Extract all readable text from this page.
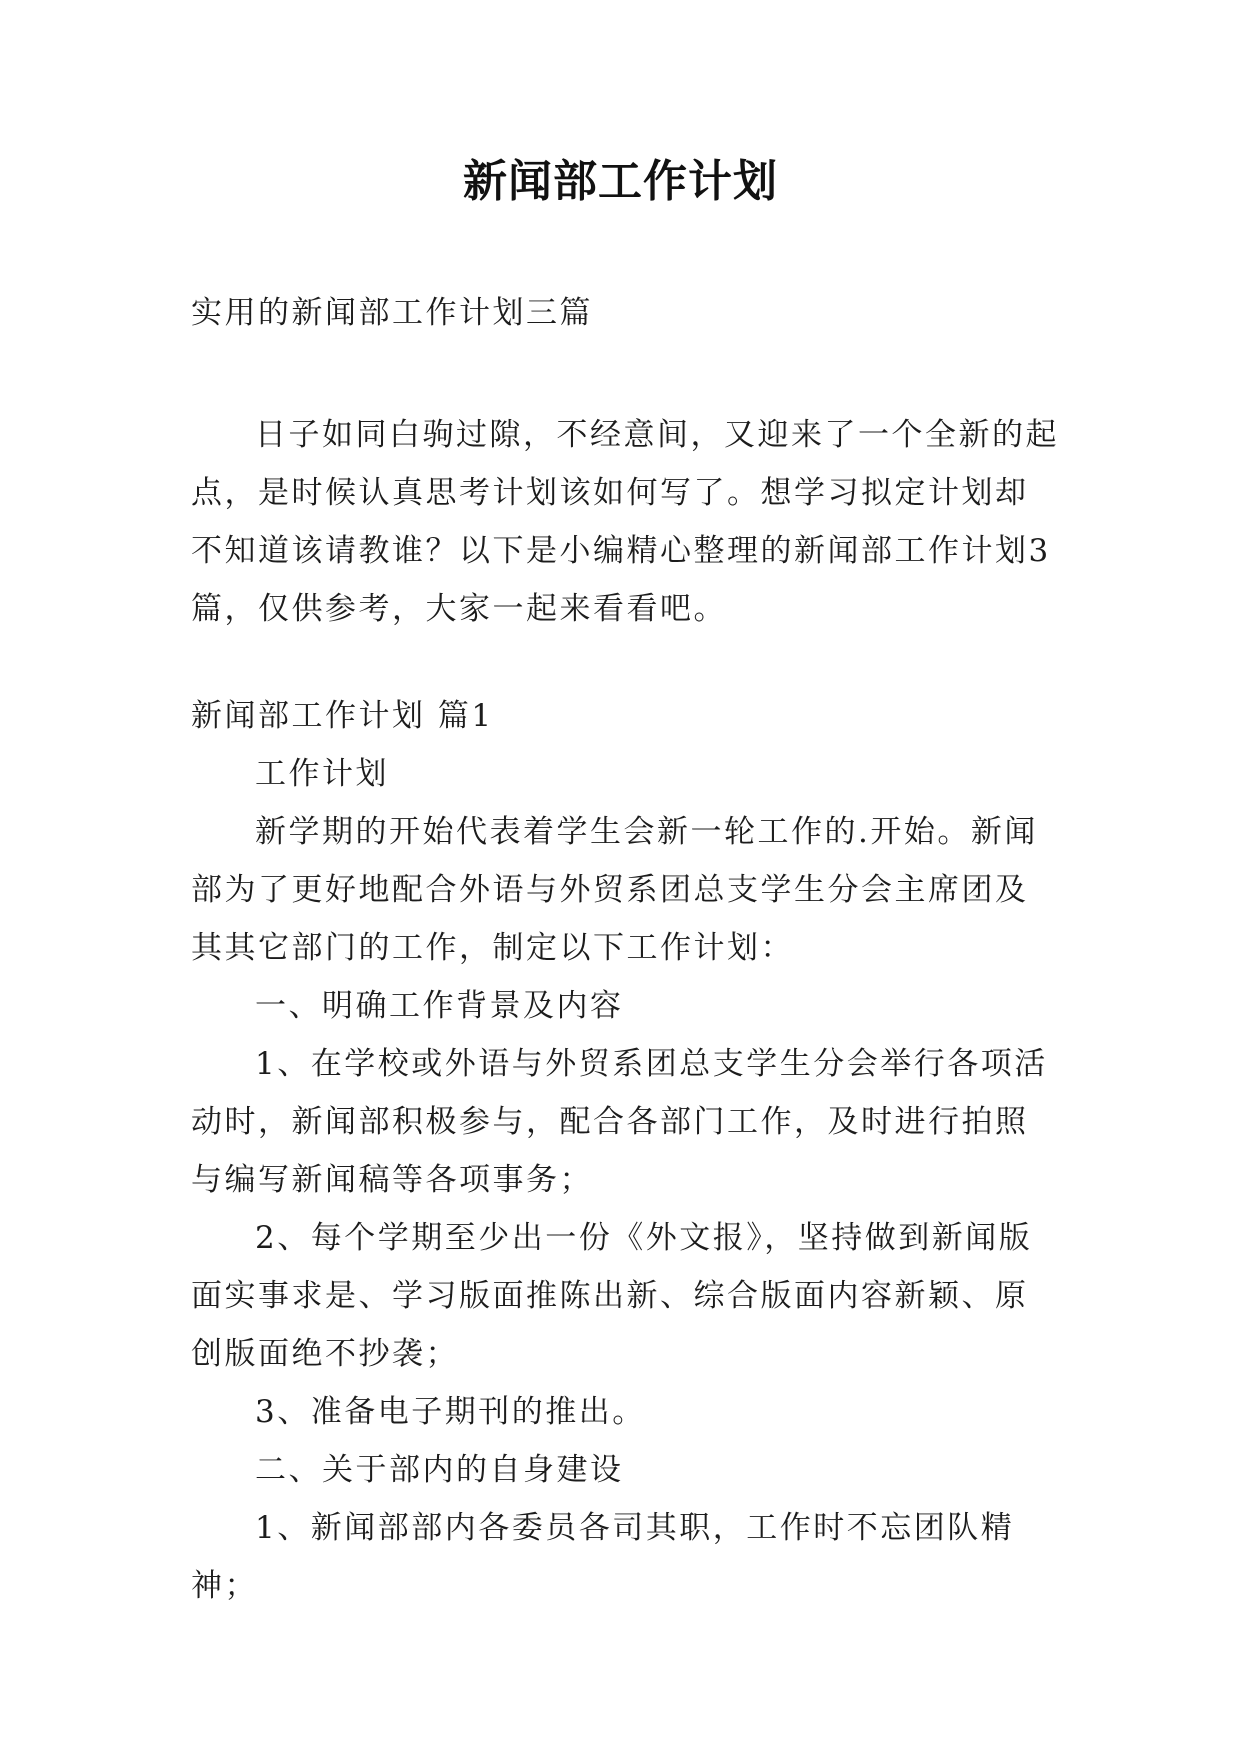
新闻部工作计划

实用的新闻部工作计划三篇

日子如同白驹过隙，不经意间，又迎来了一个全新的起点，是时候认真思考计划该如何写了。想学习拟定计划却不知道该请教谁？以下是小编精心整理的新闻部工作计划3篇，仅供参考，大家一起来看看吧。

新闻部工作计划 篇1

工作计划

新学期的开始代表着学生会新一轮工作的.开始。新闻部为了更好地配合外语与外贸系团总支学生分会主席团及其其它部门的工作，制定以下工作计划：

一、明确工作背景及内容

1、在学校或外语与外贸系团总支学生分会举行各项活动时，新闻部积极参与，配合各部门工作，及时进行拍照与编写新闻稿等各项事务；

2、每个学期至少出一份《外文报》，坚持做到新闻版面实事求是、学习版面推陈出新、综合版面内容新颖、原创版面绝不抄袭；

3、准备电子期刊的推出。

二、关于部内的自身建设

1、新闻部部内各委员各司其职，工作时不忘团队精神；
